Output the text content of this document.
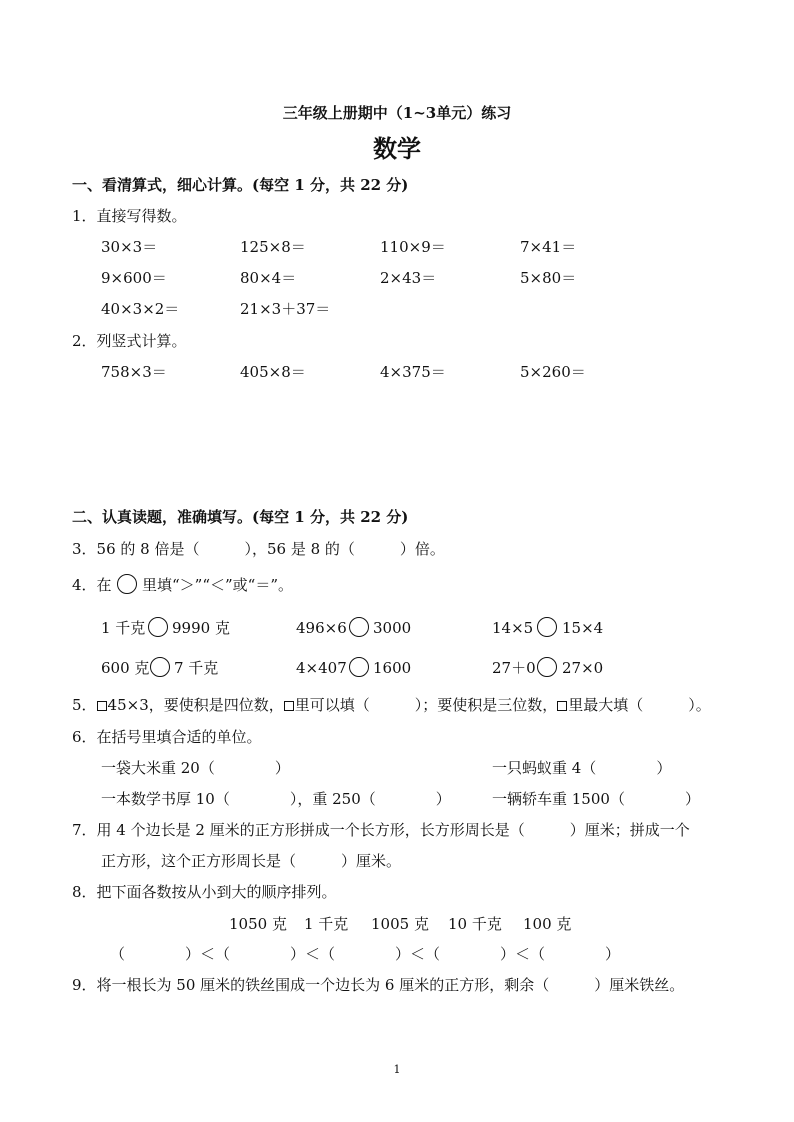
三年级上册期中（1~3单元）练习
数学
一、看清算式，细心计算。(每空 1 分，共 22 分)
1．直接写得数。
30×3＝	125×8＝	110×9＝	7×41＝
9×600＝	80×4＝	2×43＝	5×80＝
40×3×2＝	21×3＋37＝
2．列竖式计算。
758×3＝	405×8＝	4×375＝	5×260＝
二、认真读题，准确填写。(每空 1 分，共 22 分)
3．56 的 8 倍是（　　　），56 是 8 的（　　　）倍。
4．在 里填“＞”“＜”或“＝”。
1 千克 9990 克	496×6 3000	14×5 15×4
600 克 7 千克	4×407 1600	27＋0 27×0
5． 45×3，要使积是四位数， 里可以填（　　　）；要使积是三位数， 里最大填（　　　）。
6．在括号里填合适的单位。
一袋大米重 20（　　　　）	一只蚂蚁重 4（　　　　）
一本数学书厚 10（　　　　），重 250（　　　　）	一辆轿车重 1500（　　　　）
7．用 4 个边长是 2 厘米的正方形拼成一个长方形，长方形周长是（　　　）厘米；拼成一个
正方形，这个正方形周长是（　　　）厘米。
8．把下面各数按从小到大的顺序排列。
1050 克 1 千克 1005 克 10 千克 100 克
（　　　　）＜（　　　　）＜（　　　　）＜（　　　　）＜（　　　　）
9．将一根长为 50 厘米的铁丝围成一个边长为 6 厘米的正方形，剩余（　　　）厘米铁丝。
1
